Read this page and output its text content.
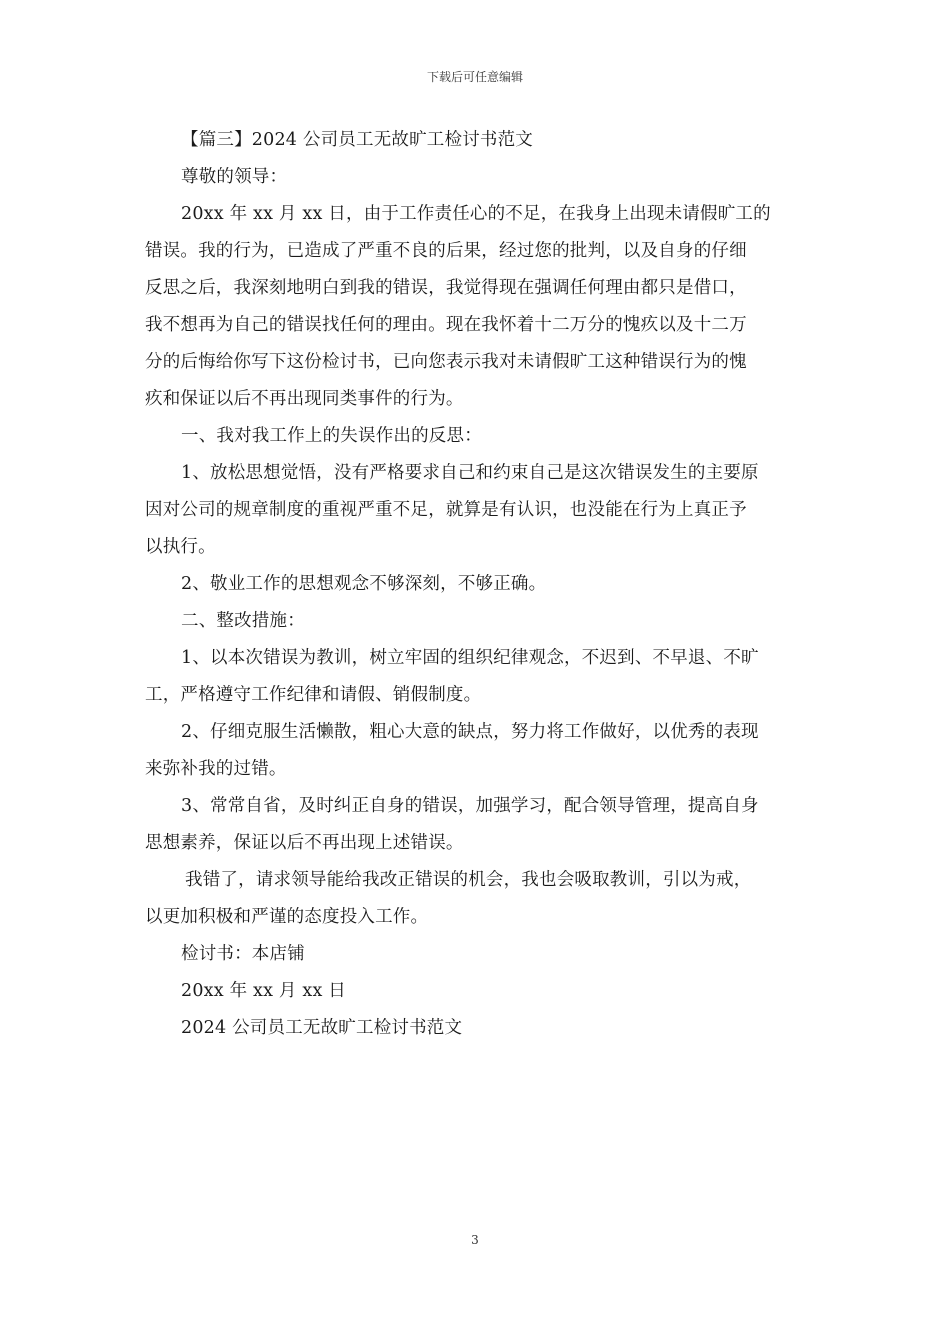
下载后可任意编辑
【篇三】2024 公司员工无故旷工检讨书范文
尊敬的领导：
20xx 年 xx 月 xx 日，由于工作责任心的不足，在我身上出现未请假旷工的
错误。我的行为，已造成了严重不良的后果，经过您的批判，以及自身的仔细
反思之后，我深刻地明白到我的错误，我觉得现在强调任何理由都只是借口，
我不想再为自己的错误找任何的理由。现在我怀着十二万分的愧疚以及十二万
分的后悔给你写下这份检讨书，已向您表示我对未请假旷工这种错误行为的愧
疚和保证以后不再出现同类事件的行为。
一、我对我工作上的失误作出的反思：
1、放松思想觉悟，没有严格要求自己和约束自己是这次错误发生的主要原
因对公司的规章制度的重视严重不足，就算是有认识，也没能在行为上真正予
以执行。
2、敬业工作的思想观念不够深刻，不够正确。
二、整改措施：
1、以本次错误为教训，树立牢固的组织纪律观念，不迟到、不早退、不旷
工，严格遵守工作纪律和请假、销假制度。
2、仔细克服生活懒散，粗心大意的缺点，努力将工作做好，以优秀的表现
来弥补我的过错。
3、常常自省，及时纠正自身的错误，加强学习，配合领导管理，提高自身
思想素养，保证以后不再出现上述错误。
我错了，请求领导能给我改正错误的机会，我也会吸取教训，引以为戒，
以更加积极和严谨的态度投入工作。
检讨书：本店铺
20xx 年 xx 月 xx 日
2024 公司员工无故旷工检讨书范文
3
